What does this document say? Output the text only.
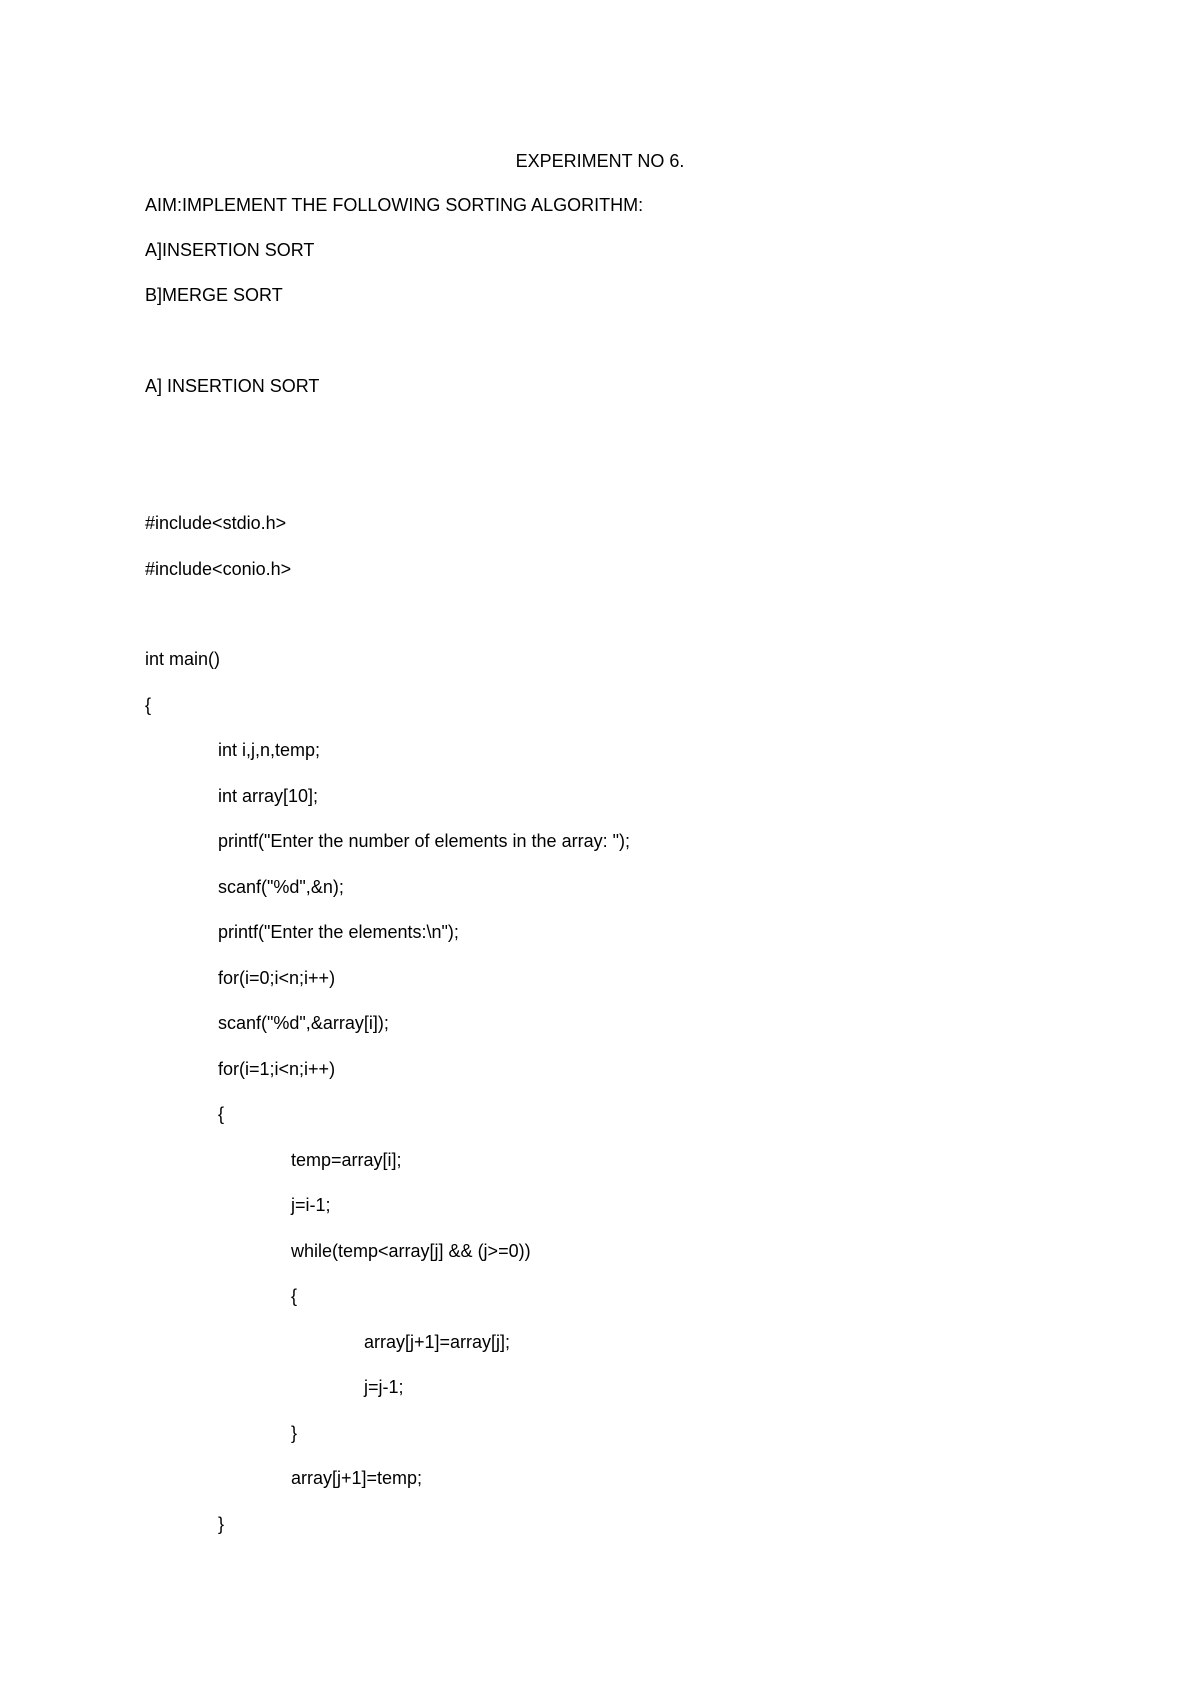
EXPERIMENT NO 6.
AIM:IMPLEMENT THE FOLLOWING SORTING ALGORITHM:
A]INSERTION SORT
B]MERGE SORT
A] INSERTION SORT
#include<stdio.h>
#include<conio.h>
int main()
{
int i,j,n,temp;
int array[10];
printf("Enter the number of elements in the array: ");
scanf("%d",&n);
printf("Enter the elements:\n");
for(i=0;i<n;i++)
scanf("%d",&array[i]);
for(i=1;i<n;i++)
{
temp=array[i];
j=i-1;
while(temp<array[j] && (j>=0))
{
array[j+1]=array[j];
j=j-1;
}
array[j+1]=temp;
}
